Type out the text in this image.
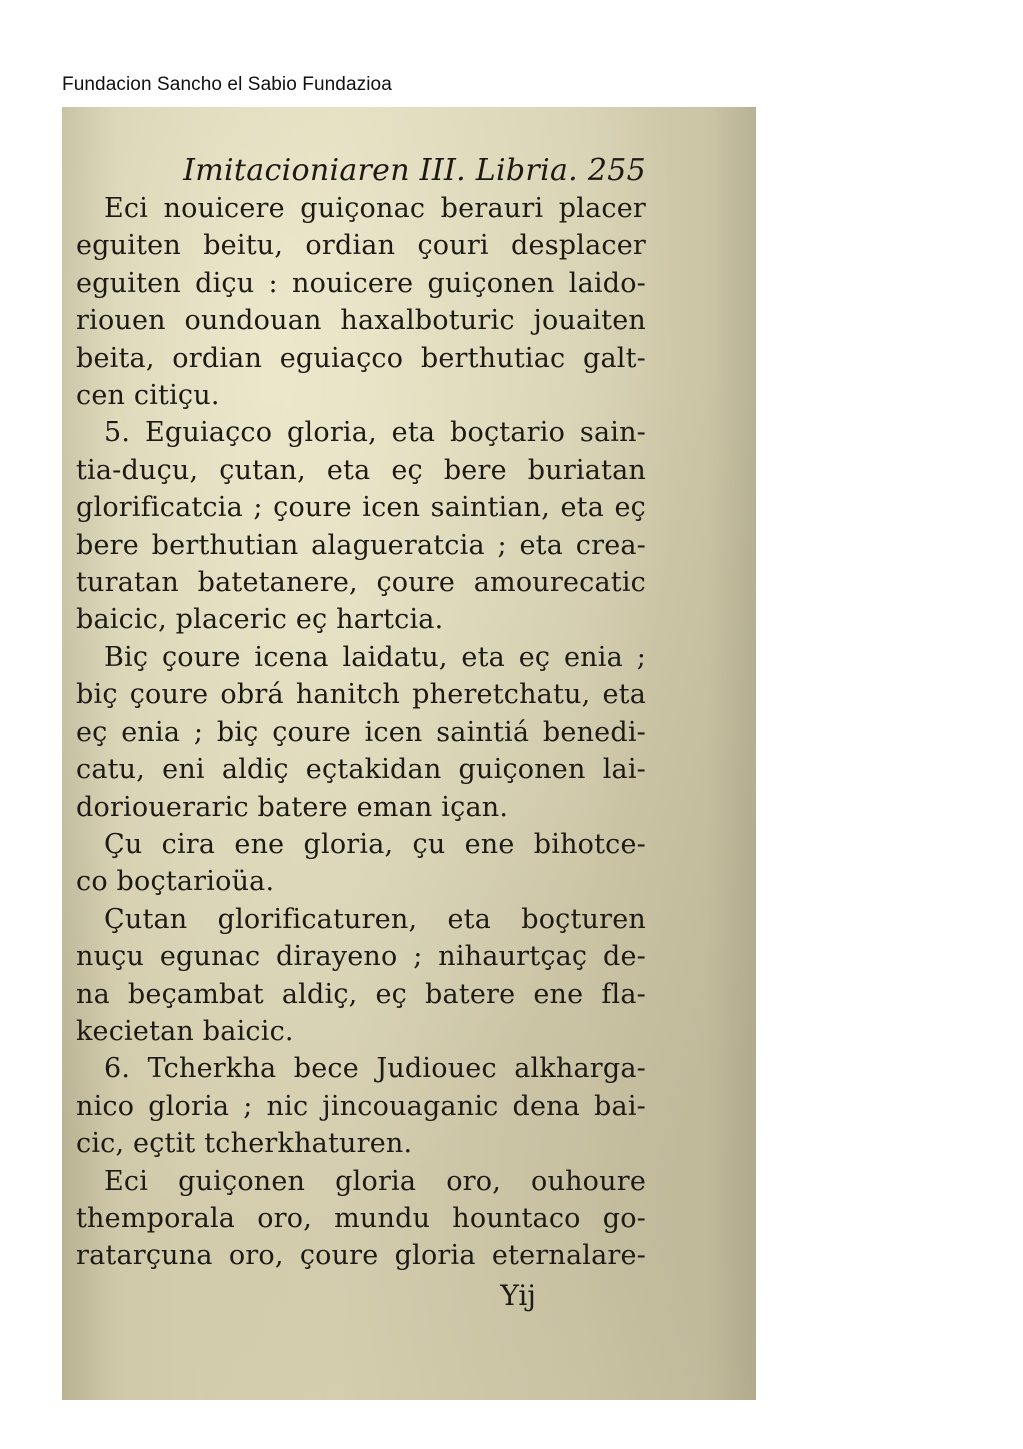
Fundacion Sancho el Sabio Fundazioa
Imitacioniaren III. Libria. 255
Eci nouicere guiçonac berauri placer
eguiten beitu, ordian çouri desplacer
eguiten diçu : nouicere guiçonen laido-
riouen oundouan haxalboturic jouaiten
beita, ordian eguiaçco berthutiac galt-
cen citiçu.
5. Eguiaçco gloria, eta boçtario sain-
tia-duçu, çutan, eta eç bere buriatan
glorificatcia ; çoure icen saintian, eta eç
bere berthutian alagueratcia ; eta crea-
turatan batetanere, çoure amourecatic
baicic, placeric eç hartcia.
Biç çoure icena laidatu, eta eç enia ;
biç çoure obrá hanitch pheretchatu, eta
eç enia ; biç çoure icen saintiá benedi-
catu, eni aldiç eçtakidan guiçonen lai-
dorioueraric batere eman içan.
Çu cira ene gloria, çu ene bihotce-
co boçtarioüa.
Çutan glorificaturen, eta boçturen
nuçu egunac dirayeno ; nihaurtçaç de-
na beçambat aldiç, eç batere ene fla-
kecietan baicic.
6. Tcherkha bece Judiouec alkharga-
nico gloria ; nic jincouaganic dena bai-
cic, eçtit tcherkhaturen.
Eci guiçonen gloria oro, ouhoure
themporala oro, mundu hountaco go-
ratarçuna oro, çoure gloria eternalare-
Yij
